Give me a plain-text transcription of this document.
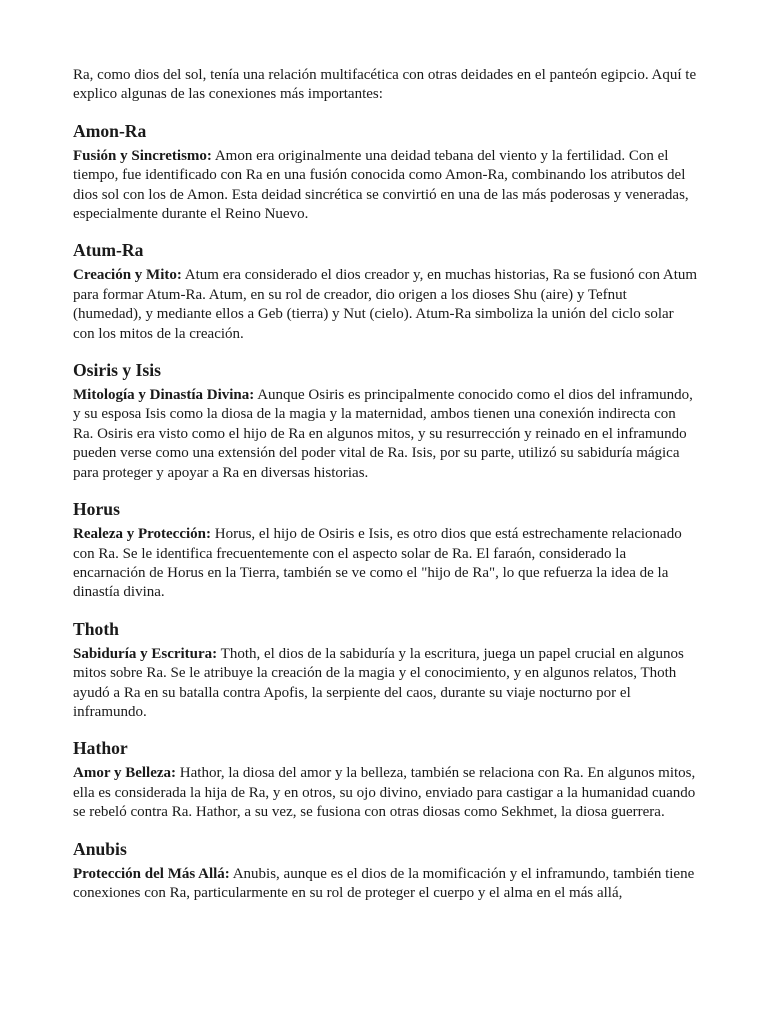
Ra, como dios del sol, tenía una relación multifacética con otras deidades en el panteón egipcio. Aquí te explico algunas de las conexiones más importantes:

Amon-Ra

Fusión y Sincretismo: Amon era originalmente una deidad tebana del viento y la fertilidad. Con el tiempo, fue identificado con Ra en una fusión conocida como Amon-Ra, combinando los atributos del dios sol con los de Amon. Esta deidad sincrética se convirtió en una de las más poderosas y veneradas, especialmente durante el Reino Nuevo.

Atum-Ra

Creación y Mito: Atum era considerado el dios creador y, en muchas historias, Ra se fusionó con Atum para formar Atum-Ra. Atum, en su rol de creador, dio origen a los dioses Shu (aire) y Tefnut (humedad), y mediante ellos a Geb (tierra) y Nut (cielo). Atum-Ra simboliza la unión del ciclo solar con los mitos de la creación.

Osiris y Isis

Mitología y Dinastía Divina: Aunque Osiris es principalmente conocido como el dios del inframundo, y su esposa Isis como la diosa de la magia y la maternidad, ambos tienen una conexión indirecta con Ra. Osiris era visto como el hijo de Ra en algunos mitos, y su resurrección y reinado en el inframundo pueden verse como una extensión del poder vital de Ra. Isis, por su parte, utilizó su sabiduría mágica para proteger y apoyar a Ra en diversas historias.

Horus

Realeza y Protección: Horus, el hijo de Osiris e Isis, es otro dios que está estrechamente relacionado con Ra. Se le identifica frecuentemente con el aspecto solar de Ra. El faraón, considerado la encarnación de Horus en la Tierra, también se ve como el "hijo de Ra", lo que refuerza la idea de la dinastía divina.

Thoth

Sabiduría y Escritura: Thoth, el dios de la sabiduría y la escritura, juega un papel crucial en algunos mitos sobre Ra. Se le atribuye la creación de la magia y el conocimiento, y en algunos relatos, Thoth ayudó a Ra en su batalla contra Apofis, la serpiente del caos, durante su viaje nocturno por el inframundo.

Hathor

Amor y Belleza: Hathor, la diosa del amor y la belleza, también se relaciona con Ra. En algunos mitos, ella es considerada la hija de Ra, y en otros, su ojo divino, enviado para castigar a la humanidad cuando se rebeló contra Ra. Hathor, a su vez, se fusiona con otras diosas como Sekhmet, la diosa guerrera.

Anubis

Protección del Más Allá: Anubis, aunque es el dios de la momificación y el inframundo, también tiene conexiones con Ra, particularmente en su rol de proteger el cuerpo y el alma en el más allá,
